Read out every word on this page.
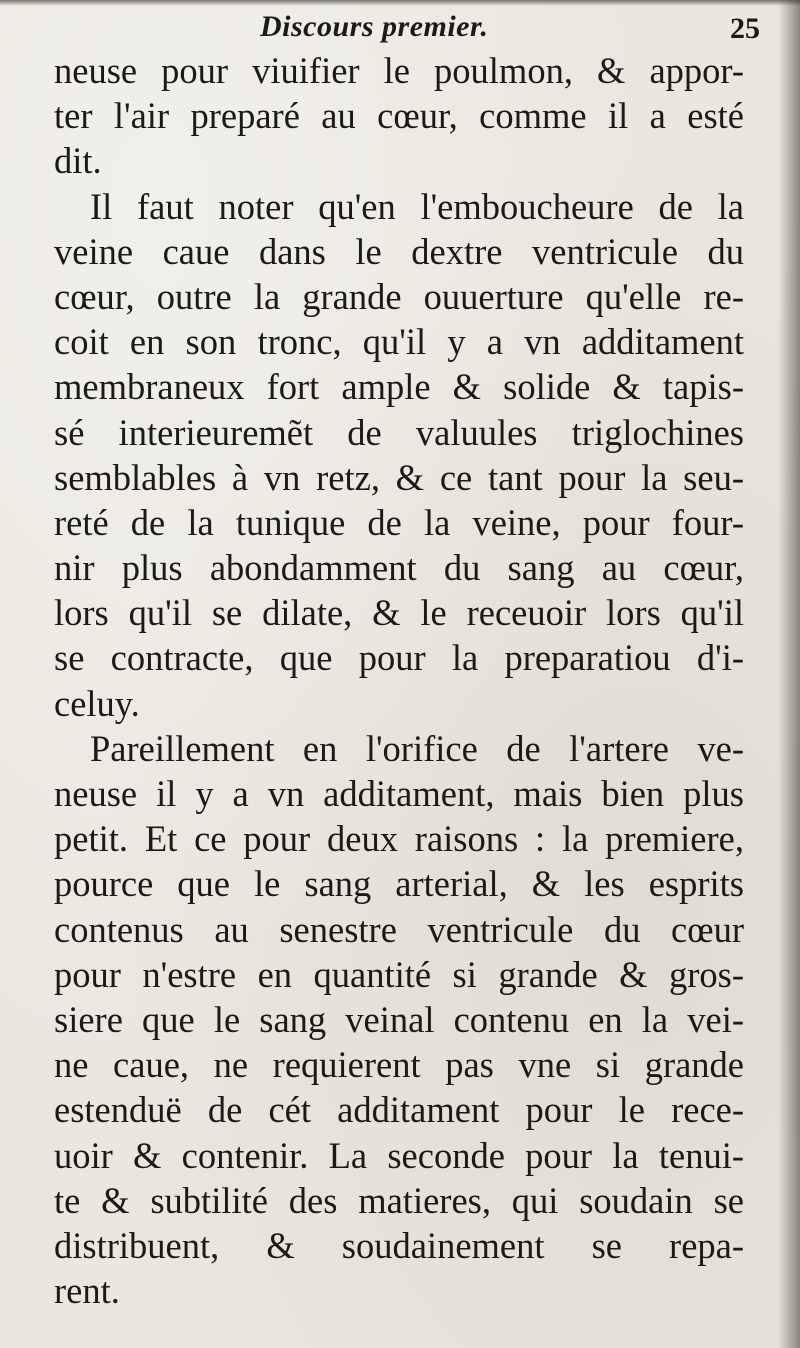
Discours premier.	25
neuse pour viuifier le poulmon, & appor-
ter l'air preparé au cœur, comme il a esté
dit.
Il faut noter qu'en l'emboucheure de la
veine caue dans le dextre ventricule du
cœur, outre la grande ouuerture qu'elle re-
coit en son tronc, qu'il y a vn additament
membraneux fort ample & solide & tapis-
sé interieuremẽt de valuules triglochines
semblables à vn retz, & ce tant pour la seu-
reté de la tunique de la veine, pour four-
nir plus abondamment du sang au cœur,
lors qu'il se dilate, & le receuoir lors qu'il
se contracte, que pour la preparatiou d'i-
celuy.
Pareillement en l'orifice de l'artere ve-
neuse il y a vn additament, mais bien plus
petit. Et ce pour deux raisons : la premiere,
pource que le sang arterial, & les esprits
contenus au senestre ventricule du cœur
pour n'estre en quantité si grande & gros-
siere que le sang veinal contenu en la vei-
ne caue, ne requierent pas vne si grande
estenduë de cét additament pour le rece-
uoir & contenir. La seconde pour la tenui-
te & subtilité des matieres, qui soudain se
distribuent, & soudainement se repa-
rent.
